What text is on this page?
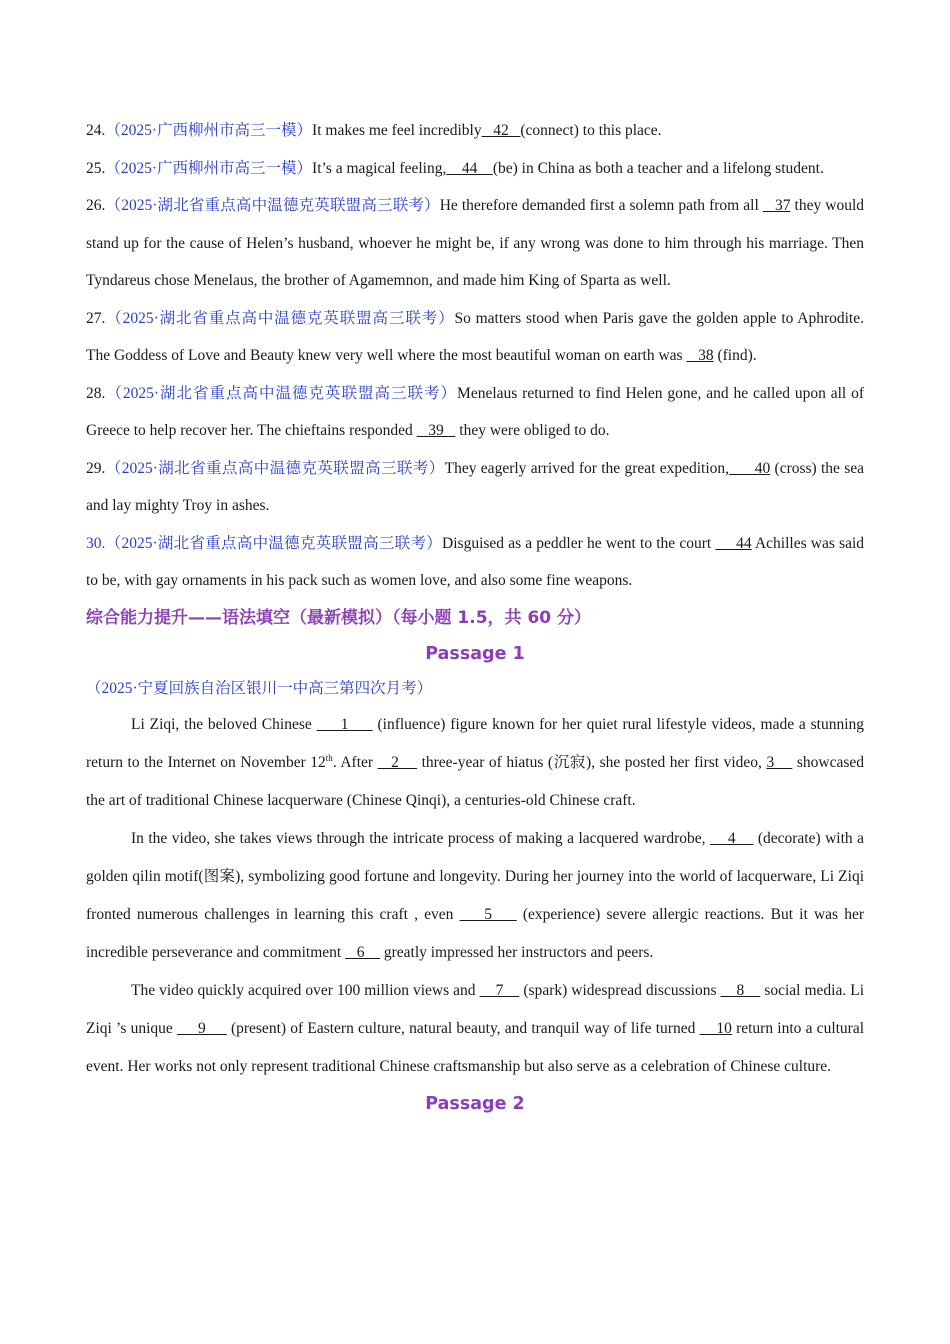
24.（2025·广西柳州市高三一模）It makes me feel incredibly   42   (connect) to this place.

25.（2025·广西柳州市高三一模）It’s a magical feeling,    44    (be) in China as both a teacher and a lifelong student.

26.（2025·湖北省重点高中温德克英联盟高三联考）He therefore demanded first a solemn path from all    37 they would stand up for the cause of Helen’s husband, whoever he might be, if any wrong was done to him through his marriage. Then Tyndareus chose Menelaus, the brother of Agamemnon, and made him King of Sparta as well.

27.（2025·湖北省重点高中温德克英联盟高三联考）So matters stood when Paris gave the golden apple to Aphrodite. The Goddess of Love and Beauty knew very well where the most beautiful woman on earth was    38 (find).

28.（2025·湖北省重点高中温德克英联盟高三联考）Menelaus returned to find Helen gone, and he called upon all of Greece to help recover her. The chieftains responded    39    they were obliged to do.

29.（2025·湖北省重点高中温德克英联盟高三联考）They eagerly arrived for the great expedition,      40 (cross) the sea and lay mighty Troy in ashes.

30.（2025·湖北省重点高中温德克英联盟高三联考）Disguised as a peddler he went to the court      44 Achilles was said to be, with gay ornaments in his pack such as women love, and also some fine weapons.

综合能力提升——语法填空（最新模拟）（每小题 1.5，共 60 分）

Passage 1

（2025·宁夏回族自治区银川一中高三第四次月考）

Li Ziqi, the beloved Chinese      1      (influence) figure known for her quiet rural lifestyle videos, made a stunning return to the Internet on November 12th. After    2     three-year of hiatus (沉寂), she posted her first video, 3     showcased the art of traditional Chinese lacquerware (Chinese Qinqi), a centuries-old Chinese craft.

In the video, she takes views through the intricate process of making a lacquered wardrobe,     4     (decorate) with a golden qilin motif(图案), symbolizing good fortune and longevity. During her journey into the world of lacquerware, Li Ziqi fronted numerous challenges in learning this craft , even     5     (experience) severe allergic reactions. But it was her incredible perseverance and commitment    6     greatly impressed her instructors and peers.

The video quickly acquired over 100 million views and     7     (spark) widespread discussions     8     social media. Li Ziqi ’s unique      9      (present) of Eastern culture, natural beauty, and tranquil way of life turned     10 return into a cultural event. Her works not only represent traditional Chinese craftsmanship but also serve as a celebration of Chinese culture.

Passage 2
